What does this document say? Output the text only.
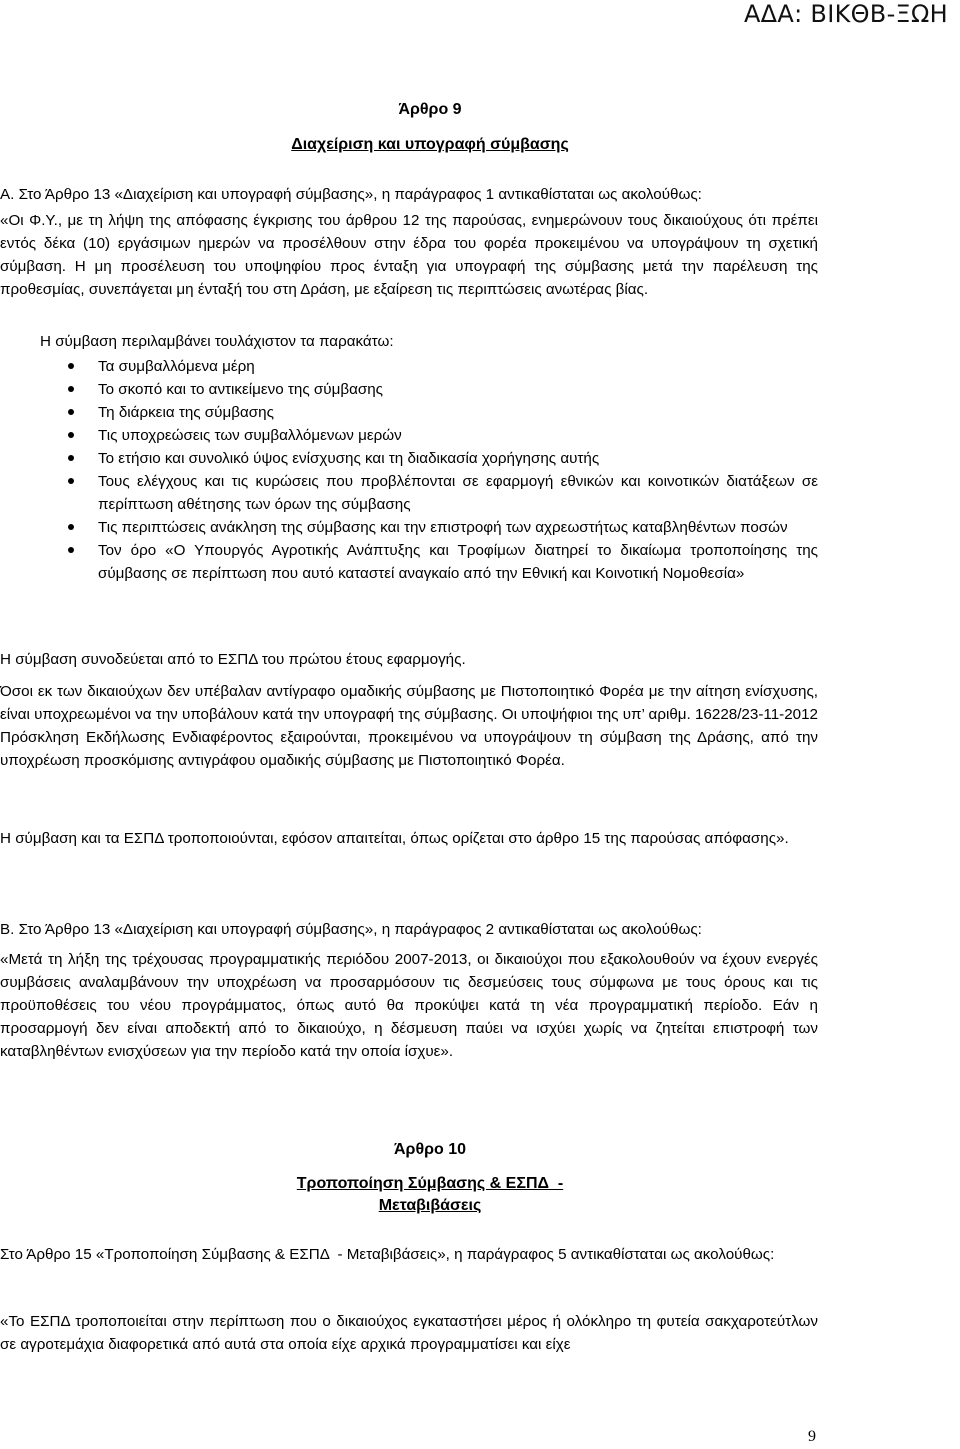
ΑΔΑ: ΒΙΚΘΒ-ΞΩΗ
Άρθρο 9
Διαχείριση και υπογραφή σύμβασης

Α. Στο Άρθρο 13 «Διαχείριση και υπογραφή σύμβασης», η παράγραφος 1 αντικαθίσταται ως ακολούθως:

«Οι Φ.Υ., με τη λήψη της απόφασης έγκρισης του άρθρου 12 της παρούσας, ενημερώνουν τους δικαιούχους ότι πρέπει εντός δέκα (10) εργάσιμων ημερών να προσέλθουν στην έδρα του φορέα προκειμένου να υπογράψουν τη σχετική σύμβαση. Η μη προσέλευση του υποψηφίου προς ένταξη για υπογραφή της σύμβασης μετά την παρέλευση της προθεσμίας, συνεπάγεται μη ένταξή του στη Δράση, με εξαίρεση τις περιπτώσεις ανωτέρας βίας.

Η σύμβαση περιλαμβάνει τουλάχιστον τα παρακάτω:

Τα συμβαλλόμενα μέρη
Το σκοπό και το αντικείμενο της σύμβασης
Τη διάρκεια της σύμβασης
Τις υποχρεώσεις των συμβαλλόμενων μερών
Το ετήσιο και συνολικό ύψος ενίσχυσης και τη διαδικασία χορήγησης αυτής
Τους ελέγχους και τις κυρώσεις που προβλέπονται σε εφαρμογή εθνικών και κοινοτικών διατάξεων σε περίπτωση αθέτησης των όρων της σύμβασης
Τις περιπτώσεις ανάκληση της σύμβασης και την επιστροφή των αχρεωστήτως καταβληθέντων ποσών
Τον όρο «Ο Υπουργός Αγροτικής Ανάπτυξης και Τροφίμων διατηρεί το δικαίωμα τροποποίησης της σύμβασης σε περίπτωση που αυτό καταστεί αναγκαίο από την Εθνική και Κοινοτική Νομοθεσία»

Η σύμβαση συνοδεύεται από το ΕΣΠΔ του πρώτου έτους εφαρμογής.

Όσοι εκ των δικαιούχων δεν υπέβαλαν αντίγραφο ομαδικής σύμβασης με Πιστοποιητικό Φορέα με την αίτηση ενίσχυσης, είναι υποχρεωμένοι να την υποβάλουν κατά την υπογραφή της σύμβασης. Οι υποψήφιοι της υπ’ αριθμ. 16228/23-11-2012 Πρόσκληση Εκδήλωσης Ενδιαφέροντος εξαιρούνται, προκειμένου να υπογράψουν τη σύμβαση της Δράσης, από την υποχρέωση προσκόμισης αντιγράφου ομαδικής σύμβασης με Πιστοποιητικό Φορέα.

Η σύμβαση και τα ΕΣΠΔ τροποποιούνται, εφόσον απαιτείται, όπως ορίζεται στο άρθρο 15 της παρούσας απόφασης».

Β. Στο Άρθρο 13 «Διαχείριση και υπογραφή σύμβασης», η παράγραφος 2 αντικαθίσταται ως ακολούθως:

«Μετά τη λήξη της τρέχουσας προγραμματικής περιόδου 2007-2013, οι δικαιούχοι που εξακολουθούν να έχουν ενεργές συμβάσεις αναλαμβάνουν την υποχρέωση να προσαρμόσουν τις δεσμεύσεις τους σύμφωνα με τους όρους και τις προϋποθέσεις του νέου προγράμματος, όπως αυτό θα προκύψει κατά τη νέα προγραμματική περίοδο. Εάν η προσαρμογή δεν είναι αποδεκτή από το δικαιούχο, η δέσμευση παύει να ισχύει χωρίς να ζητείται επιστροφή των καταβληθέντων ενισχύσεων για την περίοδο κατά την οποία ίσχυε».

Άρθρο 10
Τροποποίηση Σύμβασης & ΕΣΠΔ  -
Μεταβιβάσεις

Στο Άρθρο 15 «Τροποποίηση Σύμβασης & ΕΣΠΔ  - Μεταβιβάσεις», η παράγραφος 5 αντικαθίσταται ως ακολούθως:

«Το ΕΣΠΔ τροποποιείται στην περίπτωση που ο δικαιούχος εγκαταστήσει μέρος ή ολόκληρο τη φυτεία σακχαροτεύτλων σε αγροτεμάχια διαφορετικά από αυτά στα οποία είχε αρχικά προγραμματίσει και είχε

9
